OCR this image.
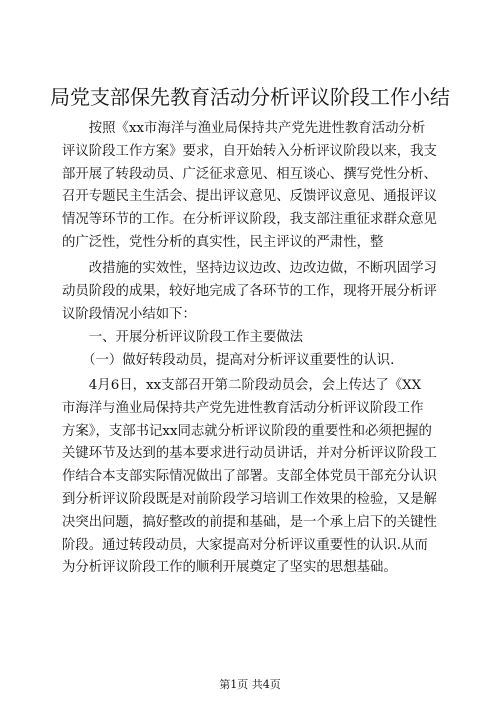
局党支部保先教育活动分析评议阶段工作小结
　　按照《xx市海洋与渔业局保持共产党先进性教育活动分析
评议阶段工作方案》要求，自开始转入分析评议阶段以来，我支
部开展了转段动员、广泛征求意见、相互谈心、撰写党性分析、
召开专题民主生活会、提出评议意见、反馈评议意见、通报评议
情况等环节的工作。在分析评议阶段，我支部注重征求群众意见
的广泛性，党性分析的真实性，民主评议的严肃性，整
　　改措施的实效性，坚持边议边改、边改边做，不断巩固学习
动员阶段的成果，较好地完成了各环节的工作，现将开展分析评
议阶段情况小结如下：
　　一、开展分析评议阶段工作主要做法
　　（一）做好转段动员，提高对分析评议重要性的认识.
　　4月6日，xx支部召开第二阶段动员会，会上传达了《XX
市海洋与渔业局保持共产党先进性教育活动分析评议阶段工作
方案》，支部书记xx同志就分析评议阶段的重要性和必须把握的
关键环节及达到的基本要求进行动员讲话，并对分析评议阶段工
作结合本支部实际情况做出了部署。支部全体党员干部充分认识
到分析评议阶段既是对前阶段学习培训工作效果的检验，又是解
决突出问题，搞好整改的前提和基础，是一个承上启下的关键性
阶段。通过转段动员，大家提高对分析评议重要性的认识.从而
为分析评议阶段工作的顺利开展奠定了坚实的思想基础。
第1页 共4页
